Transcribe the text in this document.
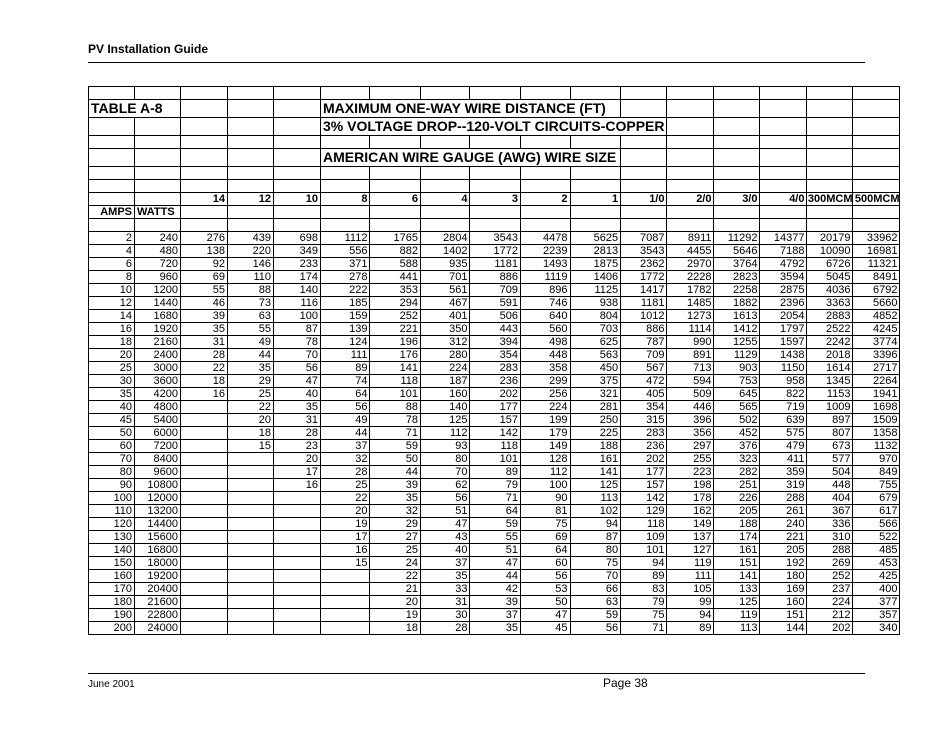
PV Installation Guide

TABLE A-8					MAXIMUM ONE-WAY WIRE DISTANCE (FT)											
					3% VOLTAGE DROP--120-VOLT CIRCUITS-COPPER											

					AMERICAN WIRE GAUGE (AWG) WIRE SIZE											

		14	12	10	8	6	4	3	2	1	1/0	2/0	3/0	4/0	300MCM	500MCM
AMPS	WATTS															

2	240	276	439	698	1112	1765	2804	3543	4478	5625	7087	8911	11292	14377	20179	33962
4	480	138	220	349	556	882	1402	1772	2239	2813	3543	4455	5646	7188	10090	16981
6	720	92	146	233	371	588	935	1181	1493	1875	2362	2970	3764	4792	6726	11321
8	960	69	110	174	278	441	701	886	1119	1406	1772	2228	2823	3594	5045	8491
10	1200	55	88	140	222	353	561	709	896	1125	1417	1782	2258	2875	4036	6792
12	1440	46	73	116	185	294	467	591	746	938	1181	1485	1882	2396	3363	5660
14	1680	39	63	100	159	252	401	506	640	804	1012	1273	1613	2054	2883	4852
16	1920	35	55	87	139	221	350	443	560	703	886	1114	1412	1797	2522	4245
18	2160	31	49	78	124	196	312	394	498	625	787	990	1255	1597	2242	3774
20	2400	28	44	70	111	176	280	354	448	563	709	891	1129	1438	2018	3396
25	3000	22	35	56	89	141	224	283	358	450	567	713	903	1150	1614	2717
30	3600	18	29	47	74	118	187	236	299	375	472	594	753	958	1345	2264
35	4200	16	25	40	64	101	160	202	256	321	405	509	645	822	1153	1941
40	4800		22	35	56	88	140	177	224	281	354	446	565	719	1009	1698
45	5400		20	31	49	78	125	157	199	250	315	396	502	639	897	1509
50	6000		18	28	44	71	112	142	179	225	283	356	452	575	807	1358
60	7200		15	23	37	59	93	118	149	188	236	297	376	479	673	1132
70	8400			20	32	50	80	101	128	161	202	255	323	411	577	970
80	9600			17	28	44	70	89	112	141	177	223	282	359	504	849
90	10800			16	25	39	62	79	100	125	157	198	251	319	448	755
100	12000				22	35	56	71	90	113	142	178	226	288	404	679
110	13200				20	32	51	64	81	102	129	162	205	261	367	617
120	14400				19	29	47	59	75	94	118	149	188	240	336	566
130	15600				17	27	43	55	69	87	109	137	174	221	310	522
140	16800				16	25	40	51	64	80	101	127	161	205	288	485
150	18000				15	24	37	47	60	75	94	119	151	192	269	453
160	19200					22	35	44	56	70	89	111	141	180	252	425
170	20400					21	33	42	53	66	83	105	133	169	237	400
180	21600					20	31	39	50	63	79	99	125	160	224	377
190	22800					19	30	37	47	59	75	94	119	151	212	357
200	24000					18	28	35	45	56	71	89	113	144	202	340
June 2001	Page 38
